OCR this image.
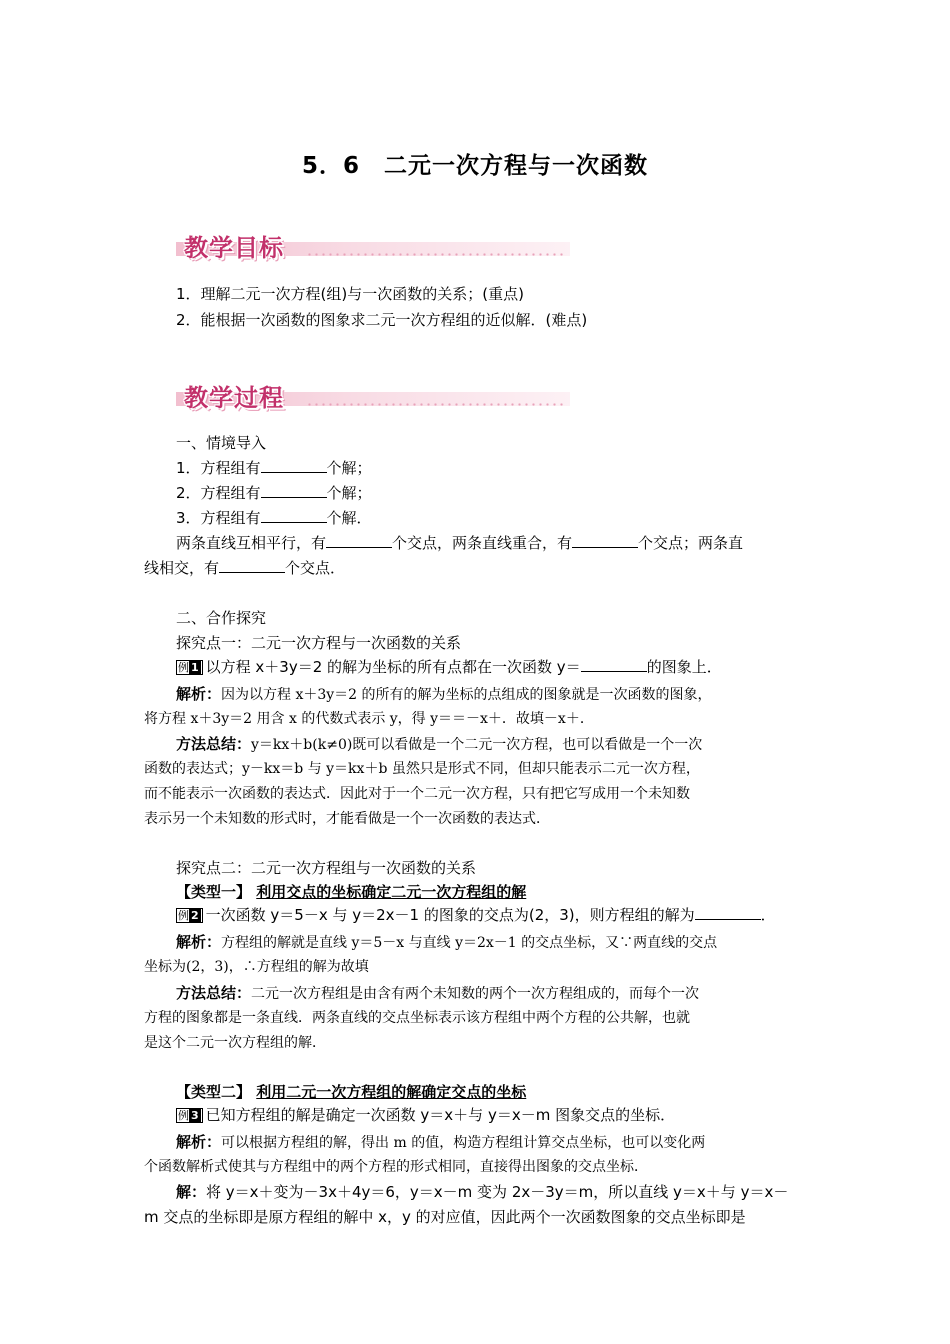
5．6　二元一次方程与一次函数
教学目标
1．理解二元一次方程(组)与一次函数的关系；(重点)
2．能根据一次函数的图象求二元一次方程组的近似解．(难点)
教学过程
一、情境导入
1．方程组有	个解；
2．方程组有	个解；
3．方程组有	个解．
两条直线互相平行，有	个交点，两条直线重合，有	个交点；两条直
线相交，有	个交点．
二、合作探究
探究点一：二元一次方程与一次函数的关系
例 1 以方程 x＋3y＝2 的解为坐标的所有点都在一次函数 y＝	的图象上．
解析：因为以方程 x＋3y＝2 的所有的解为坐标的点组成的图象就是一次函数的图象，
将方程 x＋3y＝2 用含 x 的代数式表示 y，得 y＝＝－x＋．故填－x＋．
方法总结：y＝kx＋b(k≠0)既可以看做是一个二元一次方程，也可以看做是一个一次
函数的表达式；y－kx＝b 与 y＝kx＋b 虽然只是形式不同，但却只能表示二元一次方程，
而不能表示一次函数的表达式．因此对于一个二元一次方程，只有把它写成用一个未知数
表示另一个未知数的形式时，才能看做是一个一次函数的表达式．
探究点二：二元一次方程组与一次函数的关系
【类型一】 利用交点的坐标确定二元一次方程组的解
例 2 一次函数 y＝5－x 与 y＝2x－1 的图象的交点为(2，3)，则方程组的解为	．
解析：方程组的解就是直线 y＝5－x 与直线 y＝2x－1 的交点坐标，又∵两直线的交点
坐标为(2，3)，∴方程组的解为故填
方法总结：二元一次方程组是由含有两个未知数的两个一次方程组成的，而每个一次
方程的图象都是一条直线．两条直线的交点坐标表示该方程组中两个方程的公共解，也就
是这个二元一次方程组的解．
【类型二】 利用二元一次方程组的解确定交点的坐标
例 3 已知方程组的解是确定一次函数 y＝x＋与 y＝x－m 图象交点的坐标．
解析：可以根据方程组的解，得出 m 的值，构造方程组计算交点坐标，也可以变化两
个函数解析式使其与方程组中的两个方程的形式相同，直接得出图象的交点坐标．
解：将 y＝x＋变为－3x＋4y＝6，y＝x－m 变为 2x－3y＝m，所以直线 y＝x＋与 y＝x－
m 交点的坐标即是原方程组的解中 x，y 的对应值，因此两个一次函数图象的交点坐标即是
